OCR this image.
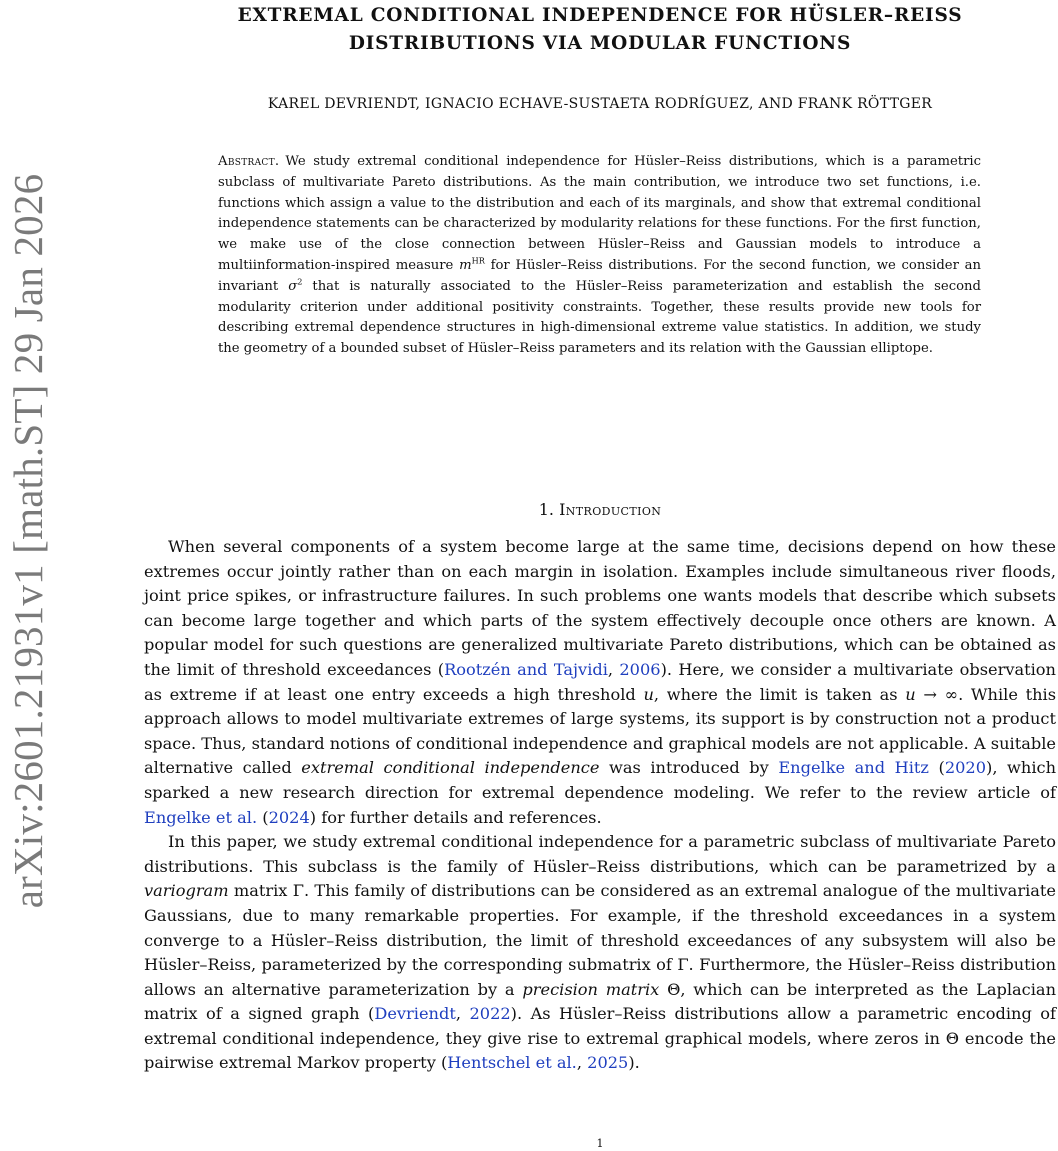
arXiv:2601.21931v1 [math.ST] 29 Jan 2026
EXTREMAL CONDITIONAL INDEPENDENCE FOR HÜSLER–REISS
DISTRIBUTIONS VIA MODULAR FUNCTIONS
KAREL DEVRIENDT, IGNACIO ECHAVE-SUSTAETA RODRÍGUEZ, AND FRANK RÖTTGER
Abstract. We study extremal conditional independence for Hüsler–Reiss distributions, which is a parametric subclass of multivariate Pareto distributions. As the main contribution, we introduce two set functions, i.e. functions which assign a value to the distribution and each of its marginals, and show that extremal conditional independence statements can be characterized by modularity relations for these functions. For the first function, we make use of the close connection between Hüsler–Reiss and Gaussian models to introduce a multiinformation-inspired measure $m^{HR}$ for Hüsler–Reiss distributions. For the second function, we consider an invariant $\sigma^2$ that is naturally associated to the Hüsler–Reiss parameterization and establish the second modularity criterion under additional positivity constraints. Together, these results provide new tools for describing extremal dependence structures in high-dimensional extreme value statistics. In addition, we study the geometry of a bounded subset of Hüsler–Reiss parameters and its relation with the Gaussian elliptope.
1. Introduction

When several components of a system become large at the same time, decisions depend on how these extremes occur jointly rather than on each margin in isolation. Examples include simultaneous river floods, joint price spikes, or infrastructure failures. In such problems one wants models that describe which subsets can become large together and which parts of the system effectively decouple once others are known. A popular model for such questions are generalized multivariate Pareto distributions, which can be obtained as the limit of threshold exceedances (Rootzén and Tajvidi, 2006). Here, we consider a multivariate observation as extreme if at least one entry exceeds a high threshold u, where the limit is taken as u → ∞. While this approach allows to model multivariate extremes of large systems, its support is by construction not a product space. Thus, standard notions of conditional independence and graphical models are not applicable. A suitable alternative called extremal conditional independence was introduced by Engelke and Hitz (2020), which sparked a new research direction for extremal dependence modeling. We refer to the review article of Engelke et al. (2024) for further details and references.

In this paper, we study extremal conditional independence for a parametric subclass of multivariate Pareto distributions. This subclass is the family of Hüsler–Reiss distributions, which can be parametrized by a variogram matrix Γ. This family of distributions can be considered as an extremal analogue of the multivariate Gaussians, due to many remarkable properties. For example, if the threshold exceedances in a system converge to a Hüsler–Reiss distribution, the limit of threshold exceedances of any subsystem will also be Hüsler–Reiss, parameterized by the corresponding submatrix of Γ. Furthermore, the Hüsler–Reiss distribution allows an alternative parameterization by a precision matrix Θ, which can be interpreted as the Laplacian matrix of a signed graph (Devriendt, 2022). As Hüsler–Reiss distributions allow a parametric encoding of extremal conditional independence, they give rise to extremal graphical models, where zeros in Θ encode the pairwise extremal Markov property (Hentschel et al., 2025).

1
